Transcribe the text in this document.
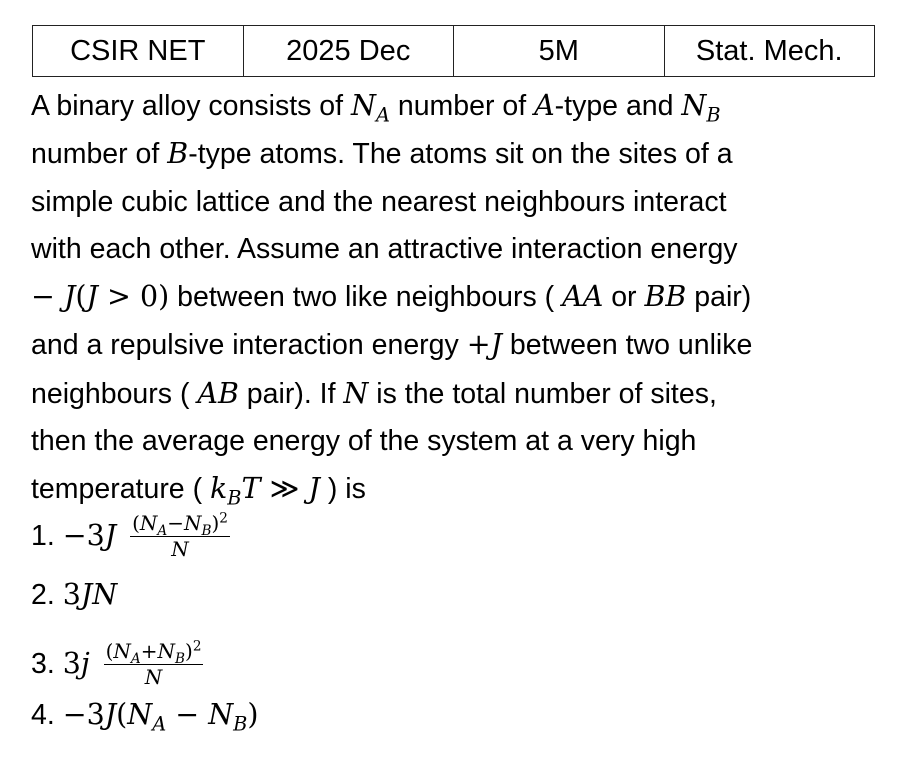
CSIR NET	2025 Dec	5M	Stat. Mech.
A binary alloy consists of $N_A$ number of A-type and $N_B$
number of B-type atoms. The atoms sit on the sites of a
simple cubic lattice and the nearest neighbours interact
with each other. Assume an attractive interaction energy
− J(J > 0) between two like neighbours ( AA or BB pair)
and a repulsive interaction energy +J between two unlike
neighbours ( AB pair). If N is the total number of sites,
then the average energy of the system at a very high
temperature ( $k_BT$ ≫ J ) is
1. $-3J \frac{(N_A-N_B)^2}{N}$
2. 3JN
3. $3j \frac{(N_A+N_B)^2}{N}$
4. $-3J(N_A - N_B)$
